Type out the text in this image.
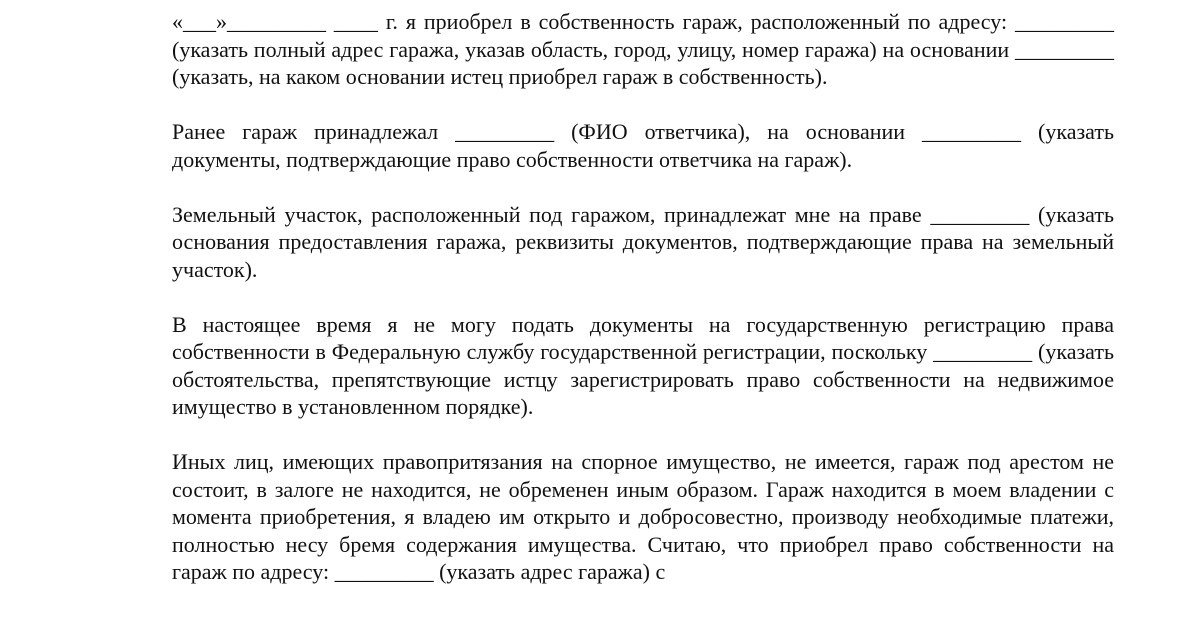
«___»_________ ____ г. я приобрел в собственность гараж, расположенный по адресу: _________ (указать полный адрес гаража, указав область, город, улицу, номер гаража) на основании _________ (указать, на каком основании истец приобрел гараж в собственность).

Ранее гараж принадлежал _________ (ФИО ответчика), на основании _________ (указать документы, подтверждающие право собственности ответчика на гараж).

Земельный участок, расположенный под гаражом, принадлежат мне на праве _________ (указать основания предоставления гаража, реквизиты документов, подтверждающие права на земельный участок).

В настоящее время я не могу подать документы на государственную регистрацию права собственности в Федеральную службу государственной регистрации, поскольку _________ (указать обстоятельства, препятствующие истцу зарегистрировать право собственности на недвижимое имущество в установленном порядке).

Иных лиц, имеющих правопритязания на спорное имущество, не имеется, гараж под арестом не состоит, в залоге не находится, не обременен иным образом. Гараж находится в моем владении с момента приобретения, я владею им открыто и добросовестно, производу необходимые платежи, полностью несу бремя содержания имущества. Считаю, что приобрел право собственности на гараж по адресу: _________ (указать адрес гаража) с
